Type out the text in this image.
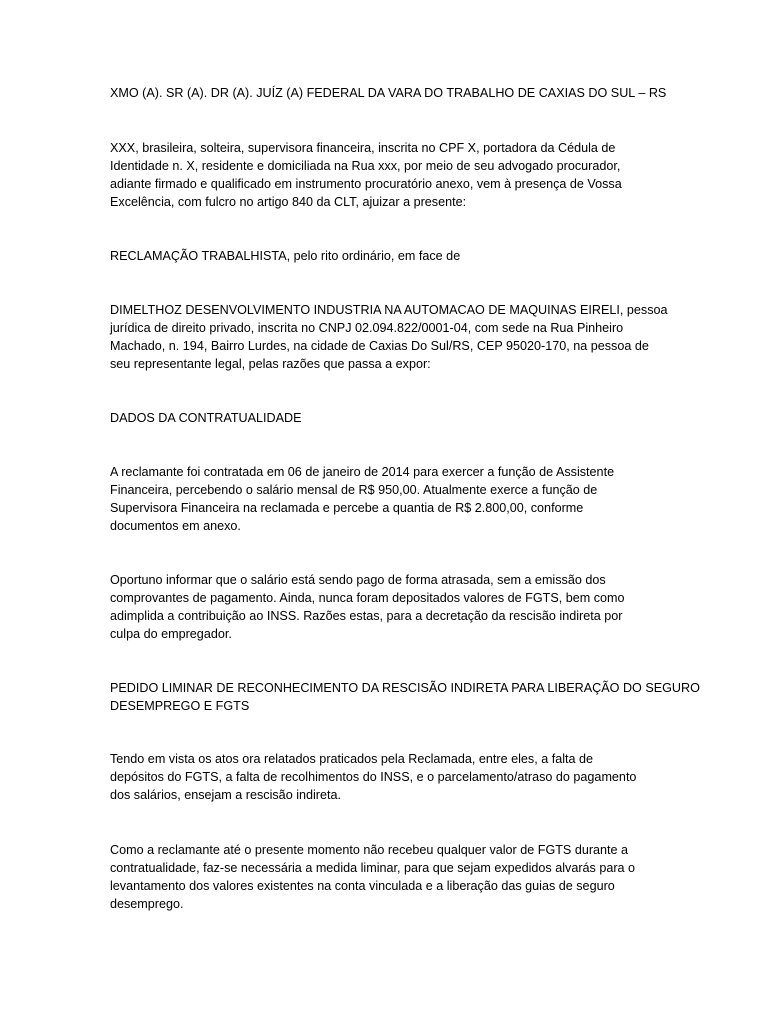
XMO (A). SR (A). DR (A). JUÍZ (A) FEDERAL DA VARA DO TRABALHO DE CAXIAS DO SUL – RS

XXX, brasileira, solteira, supervisora financeira, inscrita no CPF X, portadora da Cédula de
Identidade n. X, residente e domiciliada na Rua xxx, por meio de seu advogado procurador,
adiante firmado e qualificado em instrumento procuratório anexo, vem à presença de Vossa
Excelência, com fulcro no artigo 840 da CLT, ajuizar a presente:

RECLAMAÇÃO TRABALHISTA, pelo rito ordinário, em face de

DIMELTHOZ DESENVOLVIMENTO INDUSTRIA NA AUTOMACAO DE MAQUINAS EIRELI, pessoa
jurídica de direito privado, inscrita no CNPJ 02.094.822/0001-04, com sede na Rua Pinheiro
Machado, n. 194, Bairro Lurdes, na cidade de Caxias Do Sul/RS, CEP 95020-170, na pessoa de
seu representante legal, pelas razões que passa a expor:

DADOS DA CONTRATUALIDADE

A reclamante foi contratada em 06 de janeiro de 2014 para exercer a função de Assistente
Financeira, percebendo o salário mensal de R$ 950,00. Atualmente exerce a função de
Supervisora Financeira na reclamada e percebe a quantia de R$ 2.800,00, conforme
documentos em anexo.

Oportuno informar que o salário está sendo pago de forma atrasada, sem a emissão dos
comprovantes de pagamento. Ainda, nunca foram depositados valores de FGTS, bem como
adimplida a contribuição ao INSS. Razões estas, para a decretação da rescisão indireta por
culpa do empregador.

PEDIDO LIMINAR DE RECONHECIMENTO DA RESCISÃO INDIRETA PARA LIBERAÇÃO DO SEGURO
DESEMPREGO E FGTS

Tendo em vista os atos ora relatados praticados pela Reclamada, entre eles, a falta de
depósitos do FGTS, a falta de recolhimentos do INSS, e o parcelamento/atraso do pagamento
dos salários, ensejam a rescisão indireta.

Como a reclamante até o presente momento não recebeu qualquer valor de FGTS durante a
contratualidade, faz-se necessária a medida liminar, para que sejam expedidos alvarás para o
levantamento dos valores existentes na conta vinculada e a liberação das guias de seguro
desemprego.
